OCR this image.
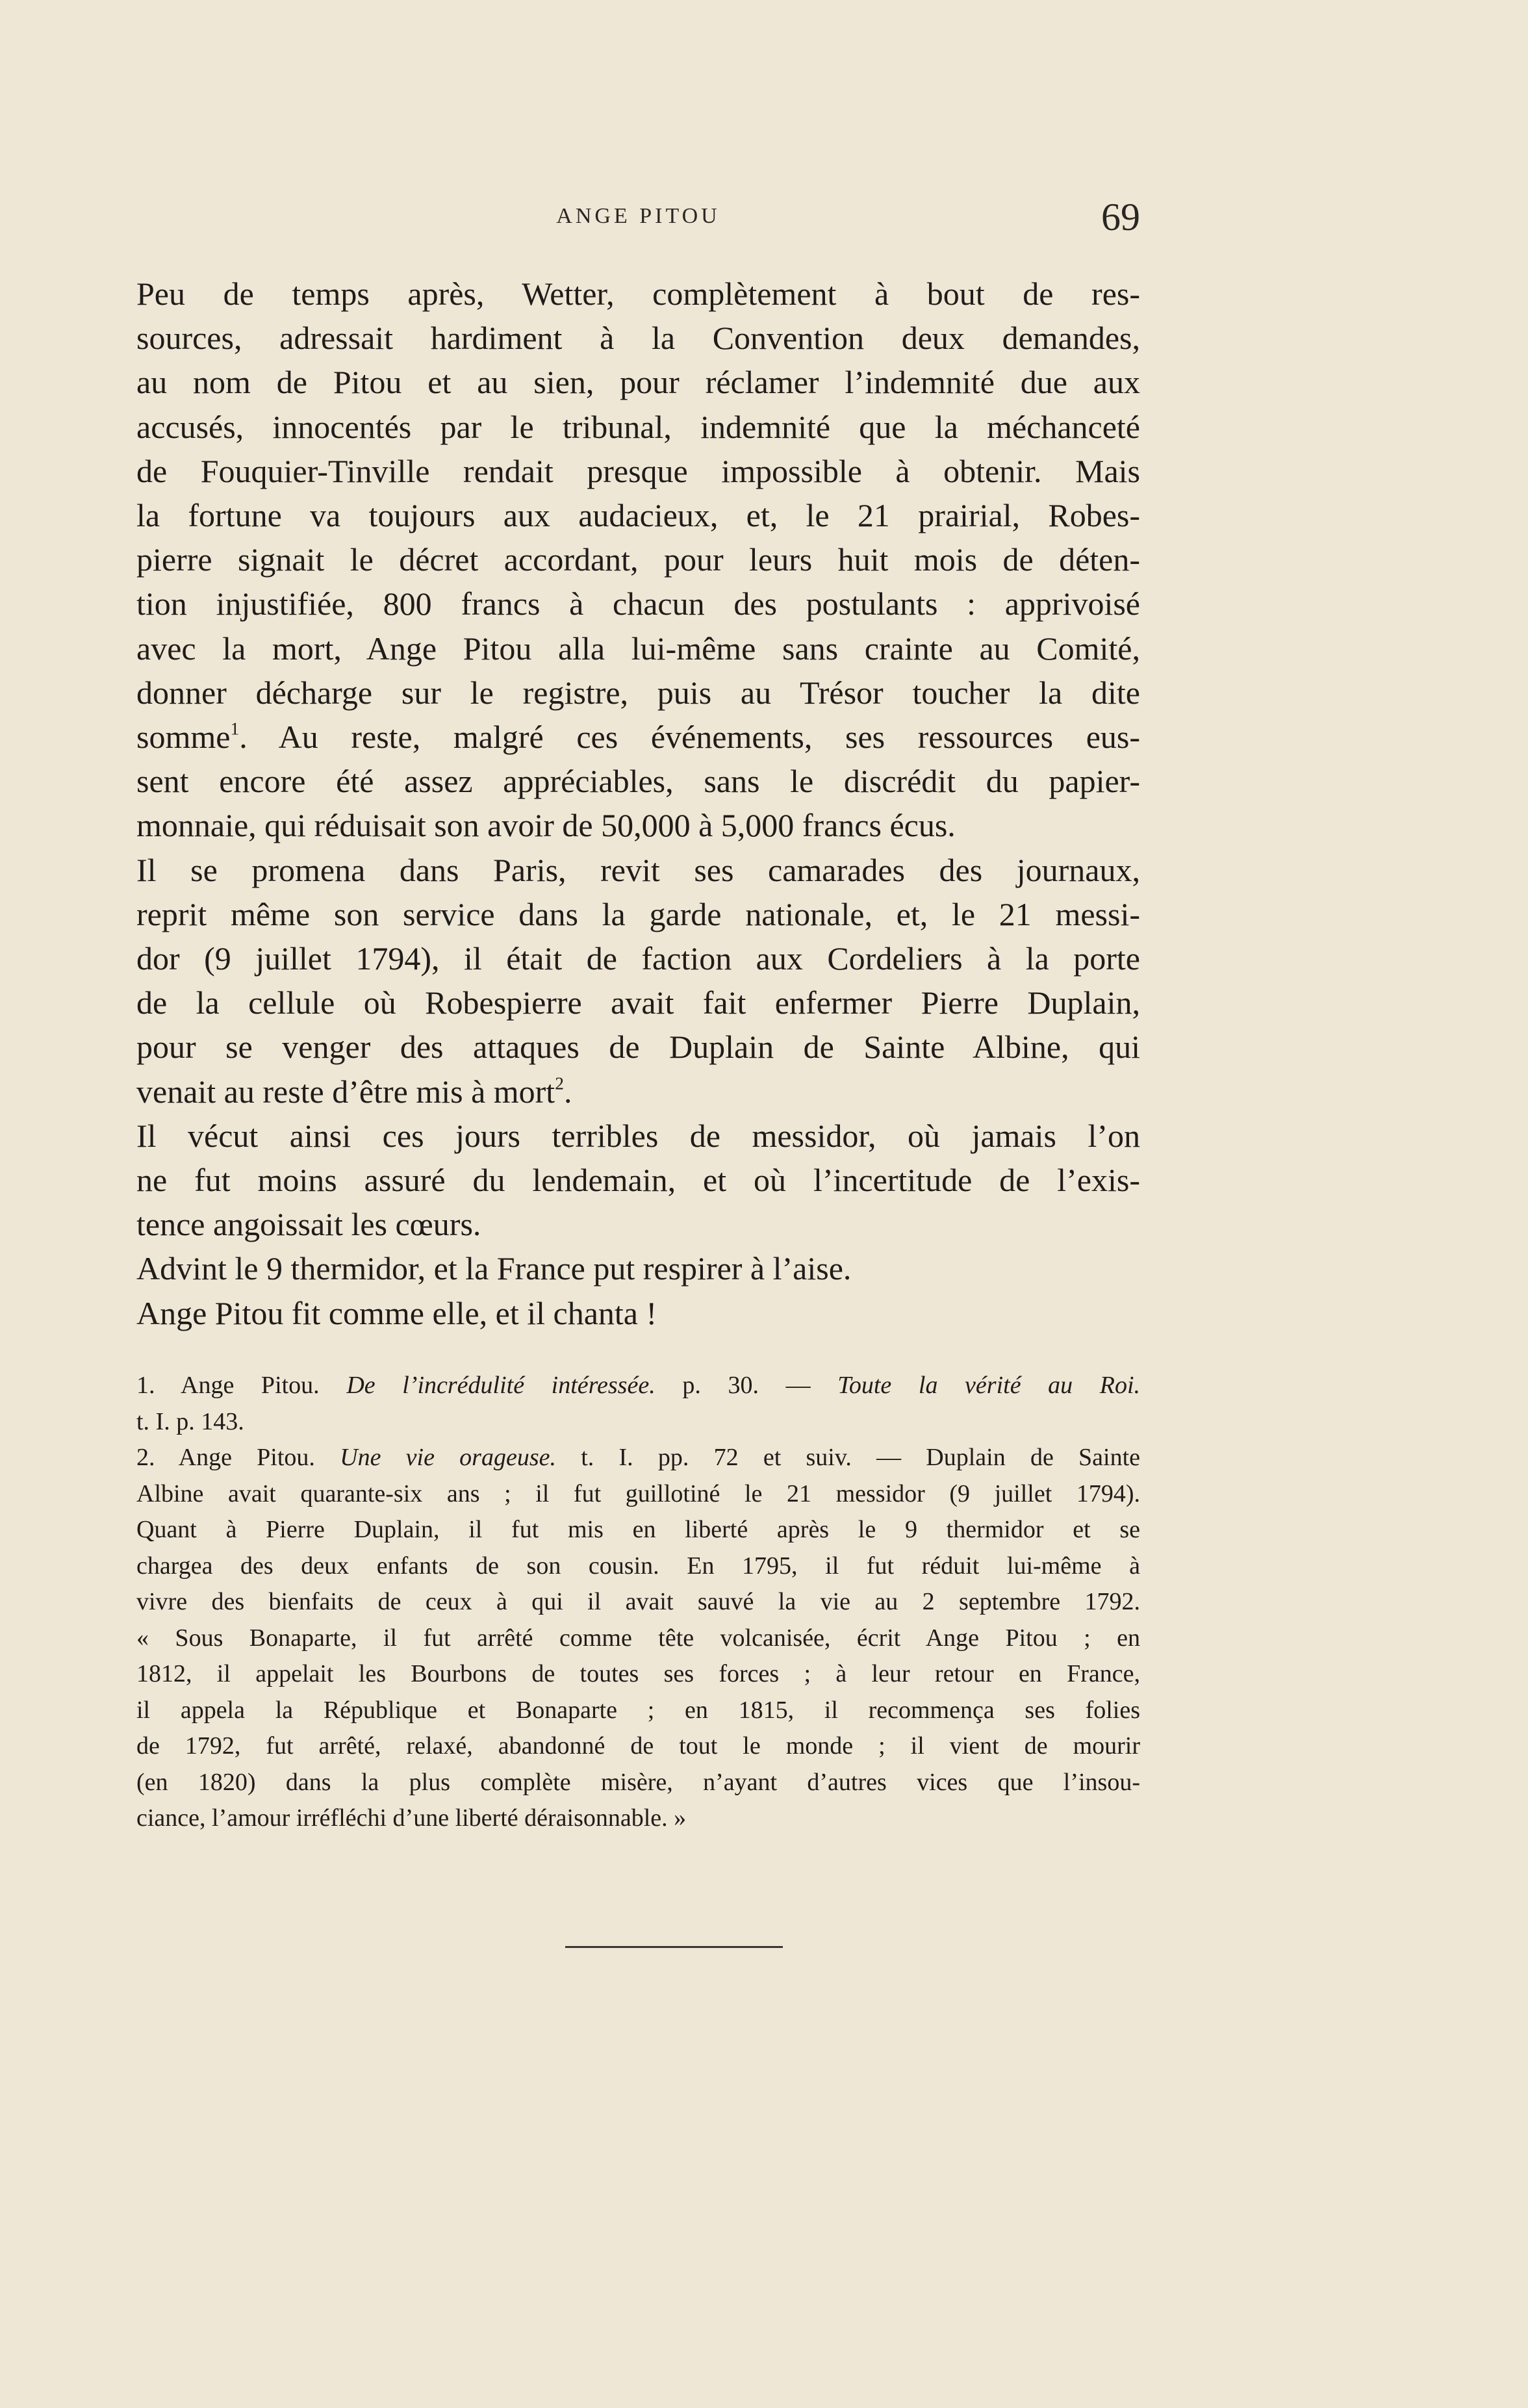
ANGE PITOU	69

Peu de temps après, Wetter, complètement à bout de res-
sources, adressait hardiment à la Convention deux demandes,
au nom de Pitou et au sien, pour réclamer l’indemnité due aux
accusés, innocentés par le tribunal, indemnité que la méchanceté
de Fouquier-Tinville rendait presque impossible à obtenir. Mais
la fortune va toujours aux audacieux, et, le 21 prairial, Robes-
pierre signait le décret accordant, pour leurs huit mois de déten-
tion injustifiée, 800 francs à chacun des postulants : apprivoisé
avec la mort, Ange Pitou alla lui-même sans crainte au Comité,
donner décharge sur le registre, puis au Trésor toucher la dite
somme$^1$. Au reste, malgré ces événements, ses ressources eus-
sent encore été assez appréciables, sans le discrédit du papier-
monnaie, qui réduisait son avoir de 50,000 à 5,000 francs écus.

Il se promena dans Paris, revit ses camarades des journaux,
reprit même son service dans la garde nationale, et, le 21 messi-
dor (9 juillet 1794), il était de faction aux Cordeliers à la porte
de la cellule où Robespierre avait fait enfermer Pierre Duplain,
pour se venger des attaques de Duplain de Sainte Albine, qui
venait au reste d’être mis à mort$^2$.

Il vécut ainsi ces jours terribles de messidor, où jamais l’on
ne fut moins assuré du lendemain, et où l’incertitude de l’exis-
tence angoissait les cœurs.

Advint le 9 thermidor, et la France put respirer à l’aise.

Ange Pitou fit comme elle, et il chanta !

1. Ange Pitou. De l’incrédulité intéressée. p. 30. — Toute la vérité au Roi.
t. I. p. 143.
2. Ange Pitou. Une vie orageuse. t. I. pp. 72 et suiv. — Duplain de Sainte
Albine avait quarante-six ans ; il fut guillotiné le 21 messidor (9 juillet 1794).
Quant à Pierre Duplain, il fut mis en liberté après le 9 thermidor et se
chargea des deux enfants de son cousin. En 1795, il fut réduit lui-même à
vivre des bienfaits de ceux à qui il avait sauvé la vie au 2 septembre 1792.
« Sous Bonaparte, il fut arrêté comme tête volcanisée, écrit Ange Pitou ; en
1812, il appelait les Bourbons de toutes ses forces ; à leur retour en France,
il appela la République et Bonaparte ; en 1815, il recommença ses folies
de 1792, fut arrêté, relaxé, abandonné de tout le monde ; il vient de mourir
(en 1820) dans la plus complète misère, n’ayant d’autres vices que l’insou-
ciance, l’amour irréfléchi d’une liberté déraisonnable. »
